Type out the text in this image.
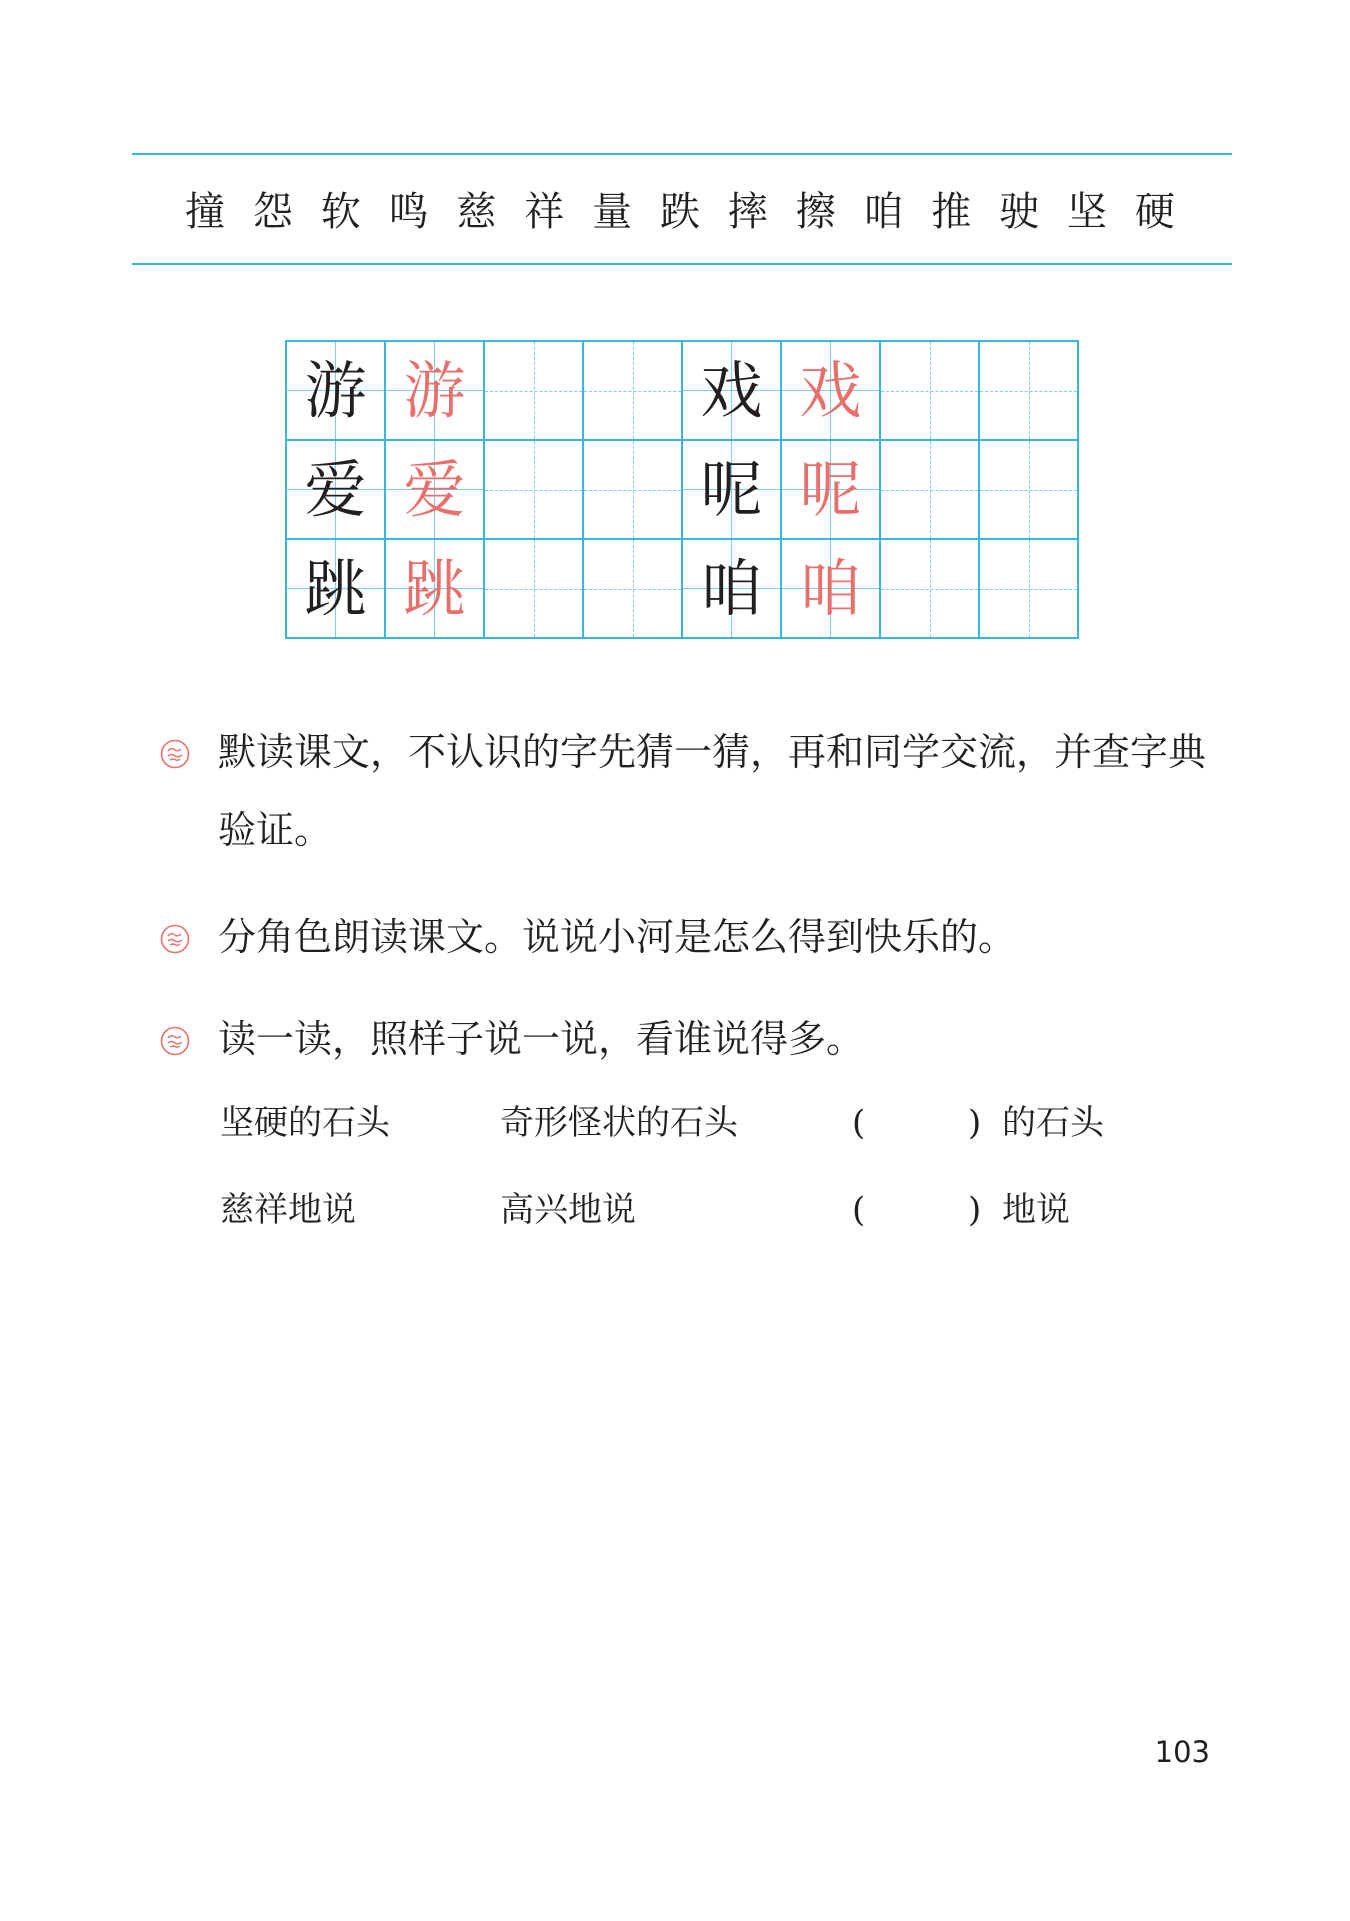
撞 怨 软 鸣 慈 祥 量 跌 摔 擦 咱 推 驶 坚 硬
游	游			戏	戏		
爱	爱			呢	呢		
跳	跳			咱	咱		
默读课文，不认识的字先猜一猜，再和同学交流，并查字典验证。
分角色朗读课文。说说小河是怎么得到快乐的。
读一读，照样子说一说，看谁说得多。
坚硬的石头	奇形怪状的石头	(	) 的石头
慈祥地说	高兴地说	(	) 地说
103
